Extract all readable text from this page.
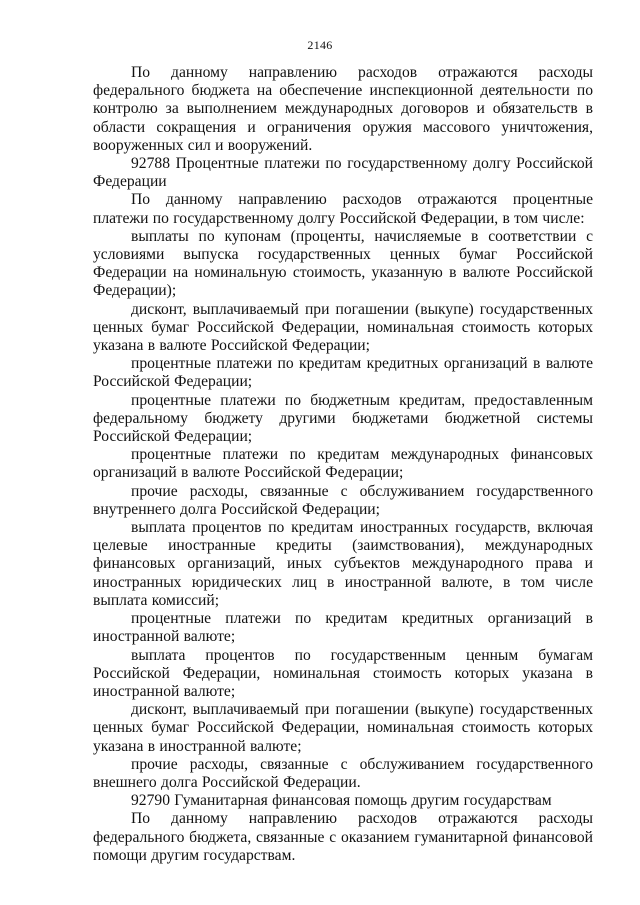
2146

По данному направлению расходов отражаются расходы федерального бюджета на обеспечение инспекционной деятельности по контролю за выполнением международных договоров и обязательств в области сокращения и ограничения оружия массового уничтожения, вооруженных сил и вооружений.

92788 Процентные платежи по государственному долгу Российской Федерации

По данному направлению расходов отражаются процентные платежи по государственному долгу Российской Федерации, в том числе:

выплаты по купонам (проценты, начисляемые в соответствии с условиями выпуска государственных ценных бумаг Российской Федерации на номинальную стоимость, указанную в валюте Российской Федерации);

дисконт, выплачиваемый при погашении (выкупе) государственных ценных бумаг Российской Федерации, номинальная стоимость которых указана в валюте Российской Федерации;

процентные платежи по кредитам кредитных организаций в валюте Российской Федерации;

процентные платежи по бюджетным кредитам, предоставленным федеральному бюджету другими бюджетами бюджетной системы Российской Федерации;

процентные платежи по кредитам международных финансовых организаций в валюте Российской Федерации;

прочие расходы, связанные с обслуживанием государственного внутреннего долга Российской Федерации;

выплата процентов по кредитам иностранных государств, включая целевые иностранные кредиты (заимствования), международных финансовых организаций, иных субъектов международного права и иностранных юридических лиц в иностранной валюте, в том числе выплата комиссий;

процентные платежи по кредитам кредитных организаций в иностранной валюте;

выплата процентов по государственным ценным бумагам Российской Федерации, номинальная стоимость которых указана в иностранной валюте;

дисконт, выплачиваемый при погашении (выкупе) государственных ценных бумаг Российской Федерации, номинальная стоимость которых указана в иностранной валюте;

прочие расходы, связанные с обслуживанием государственного внешнего долга Российской Федерации.

92790 Гуманитарная финансовая помощь другим государствам

По данному направлению расходов отражаются расходы федерального бюджета, связанные с оказанием гуманитарной финансовой помощи другим государствам.
